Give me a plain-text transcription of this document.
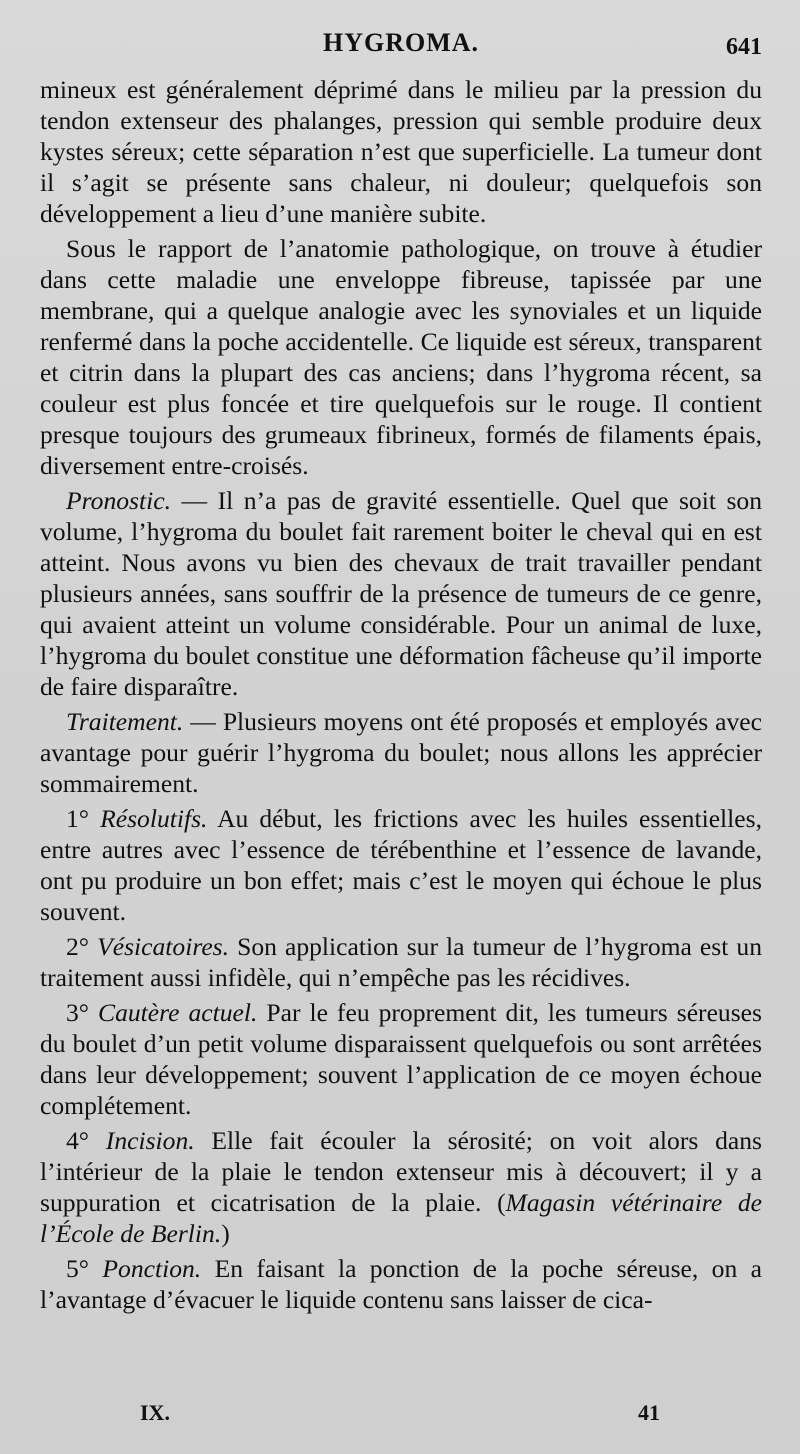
HYGROMA.	641

mineux est généralement déprimé dans le milieu par la pression du tendon extenseur des phalanges, pression qui semble produire deux kystes séreux; cette séparation n’est que superficielle. La tumeur dont il s’agit se présente sans chaleur, ni douleur; quelquefois son développement a lieu d’une manière subite.

Sous le rapport de l’anatomie pathologique, on trouve à étudier dans cette maladie une enveloppe fibreuse, tapissée par une membrane, qui a quelque analogie avec les synoviales et un liquide renfermé dans la poche accidentelle. Ce liquide est séreux, transparent et citrin dans la plupart des cas anciens; dans l’hygroma récent, sa couleur est plus foncée et tire quelquefois sur le rouge. Il contient presque toujours des grumeaux fibrineux, formés de filaments épais, diversement entre-croisés.

Pronostic. — Il n’a pas de gravité essentielle. Quel que soit son volume, l’hygroma du boulet fait rarement boiter le cheval qui en est atteint. Nous avons vu bien des chevaux de trait travailler pendant plusieurs années, sans souffrir de la présence de tumeurs de ce genre, qui avaient atteint un volume considérable. Pour un animal de luxe, l’hygroma du boulet constitue une déformation fâcheuse qu’il importe de faire disparaître.

Traitement. — Plusieurs moyens ont été proposés et employés avec avantage pour guérir l’hygroma du boulet; nous allons les apprécier sommairement.

1° Résolutifs. Au début, les frictions avec les huiles essentielles, entre autres avec l’essence de térébenthine et l’essence de lavande, ont pu produire un bon effet; mais c’est le moyen qui échoue le plus souvent.

2° Vésicatoires. Son application sur la tumeur de l’hygroma est un traitement aussi infidèle, qui n’empêche pas les récidives.

3° Cautère actuel. Par le feu proprement dit, les tumeurs séreuses du boulet d’un petit volume disparaissent quelquefois ou sont arrêtées dans leur développement; souvent l’application de ce moyen échoue complétement.

4° Incision. Elle fait écouler la sérosité; on voit alors dans l’intérieur de la plaie le tendon extenseur mis à découvert; il y a suppuration et cicatrisation de la plaie. (Magasin vétérinaire de l’École de Berlin.)

5° Ponction. En faisant la ponction de la poche séreuse, on a l’avantage d’évacuer le liquide contenu sans laisser de cica-

IX.	41
